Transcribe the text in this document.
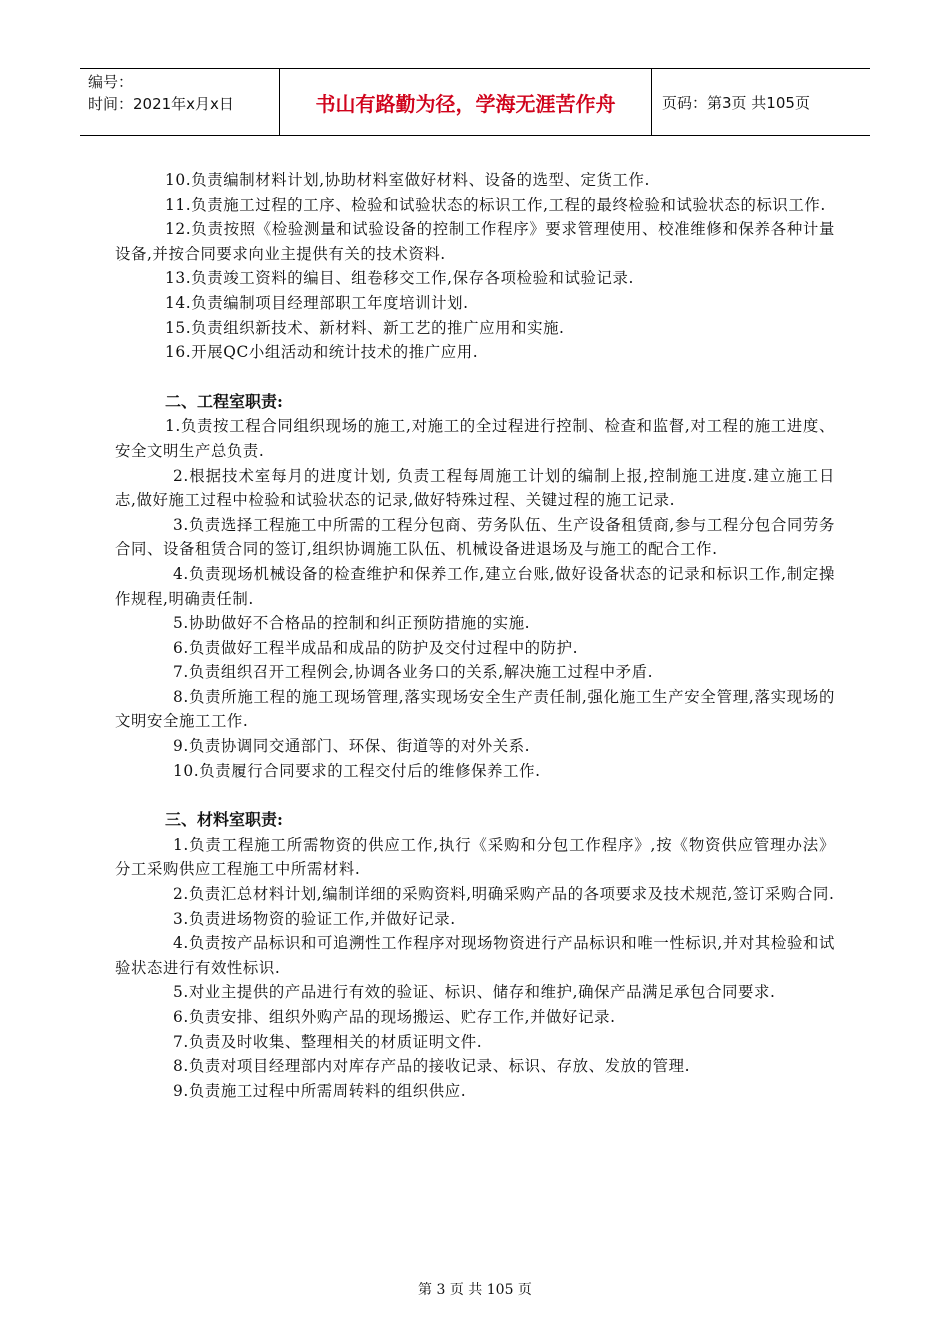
编号：
时间：2021年x月x日	书山有路勤为径，学海无涯苦作舟	页码：第3页 共105页

10.负责编制材料计划,协助材料室做好材料、设备的选型、定货工作.

11.负责施工过程的工序、检验和试验状态的标识工作,工程的最终检验和试验状态的标识工作.

12.负责按照《检验测量和试验设备的控制工作程序》要求管理使用、校准维修和保养各种计量设备,并按合同要求向业主提供有关的技术资料.

13.负责竣工资料的编目、组卷移交工作,保存各项检验和试验记录.

14.负责编制项目经理部职工年度培训计划.

15.负责组织新技术、新材料、新工艺的推广应用和实施.

16.开展QC小组活动和统计技术的推广应用.

二、工程室职责:

1.负责按工程合同组织现场的施工,对施工的全过程进行控制、检查和监督,对工程的施工进度、安全文明生产总负责.

2.根据技术室每月的进度计划, 负责工程每周施工计划的编制上报,控制施工进度.建立施工日志,做好施工过程中检验和试验状态的记录,做好特殊过程、关键过程的施工记录.

3.负责选择工程施工中所需的工程分包商、劳务队伍、生产设备租赁商,参与工程分包合同劳务合同、设备租赁合同的签订,组织协调施工队伍、机械设备进退场及与施工的配合工作.

4.负责现场机械设备的检查维护和保养工作,建立台账,做好设备状态的记录和标识工作,制定操作规程,明确责任制.

5.协助做好不合格品的控制和纠正预防措施的实施.

6.负责做好工程半成品和成品的防护及交付过程中的防护.

7.负责组织召开工程例会,协调各业务口的关系,解决施工过程中矛盾.

8.负责所施工程的施工现场管理,落实现场安全生产责任制,强化施工生产安全管理,落实现场的文明安全施工工作.

9.负责协调同交通部门、环保、街道等的对外关系.

10.负责履行合同要求的工程交付后的维修保养工作.

三、材料室职责:

1.负责工程施工所需物资的供应工作,执行《采购和分包工作程序》,按《物资供应管理办法》分工采购供应工程施工中所需材料.

2.负责汇总材料计划,编制详细的采购资料,明确采购产品的各项要求及技术规范,签订采购合同.

3.负责进场物资的验证工作,并做好记录.

4.负责按产品标识和可追溯性工作程序对现场物资进行产品标识和唯一性标识,并对其检验和试验状态进行有效性标识.

5.对业主提供的产品进行有效的验证、标识、储存和维护,确保产品满足承包合同要求.

6.负责安排、组织外购产品的现场搬运、贮存工作,并做好记录.

7.负责及时收集、整理相关的材质证明文件.

8.负责对项目经理部内对库存产品的接收记录、标识、存放、发放的管理.

9.负责施工过程中所需周转料的组织供应.

第 3 页 共 105 页
